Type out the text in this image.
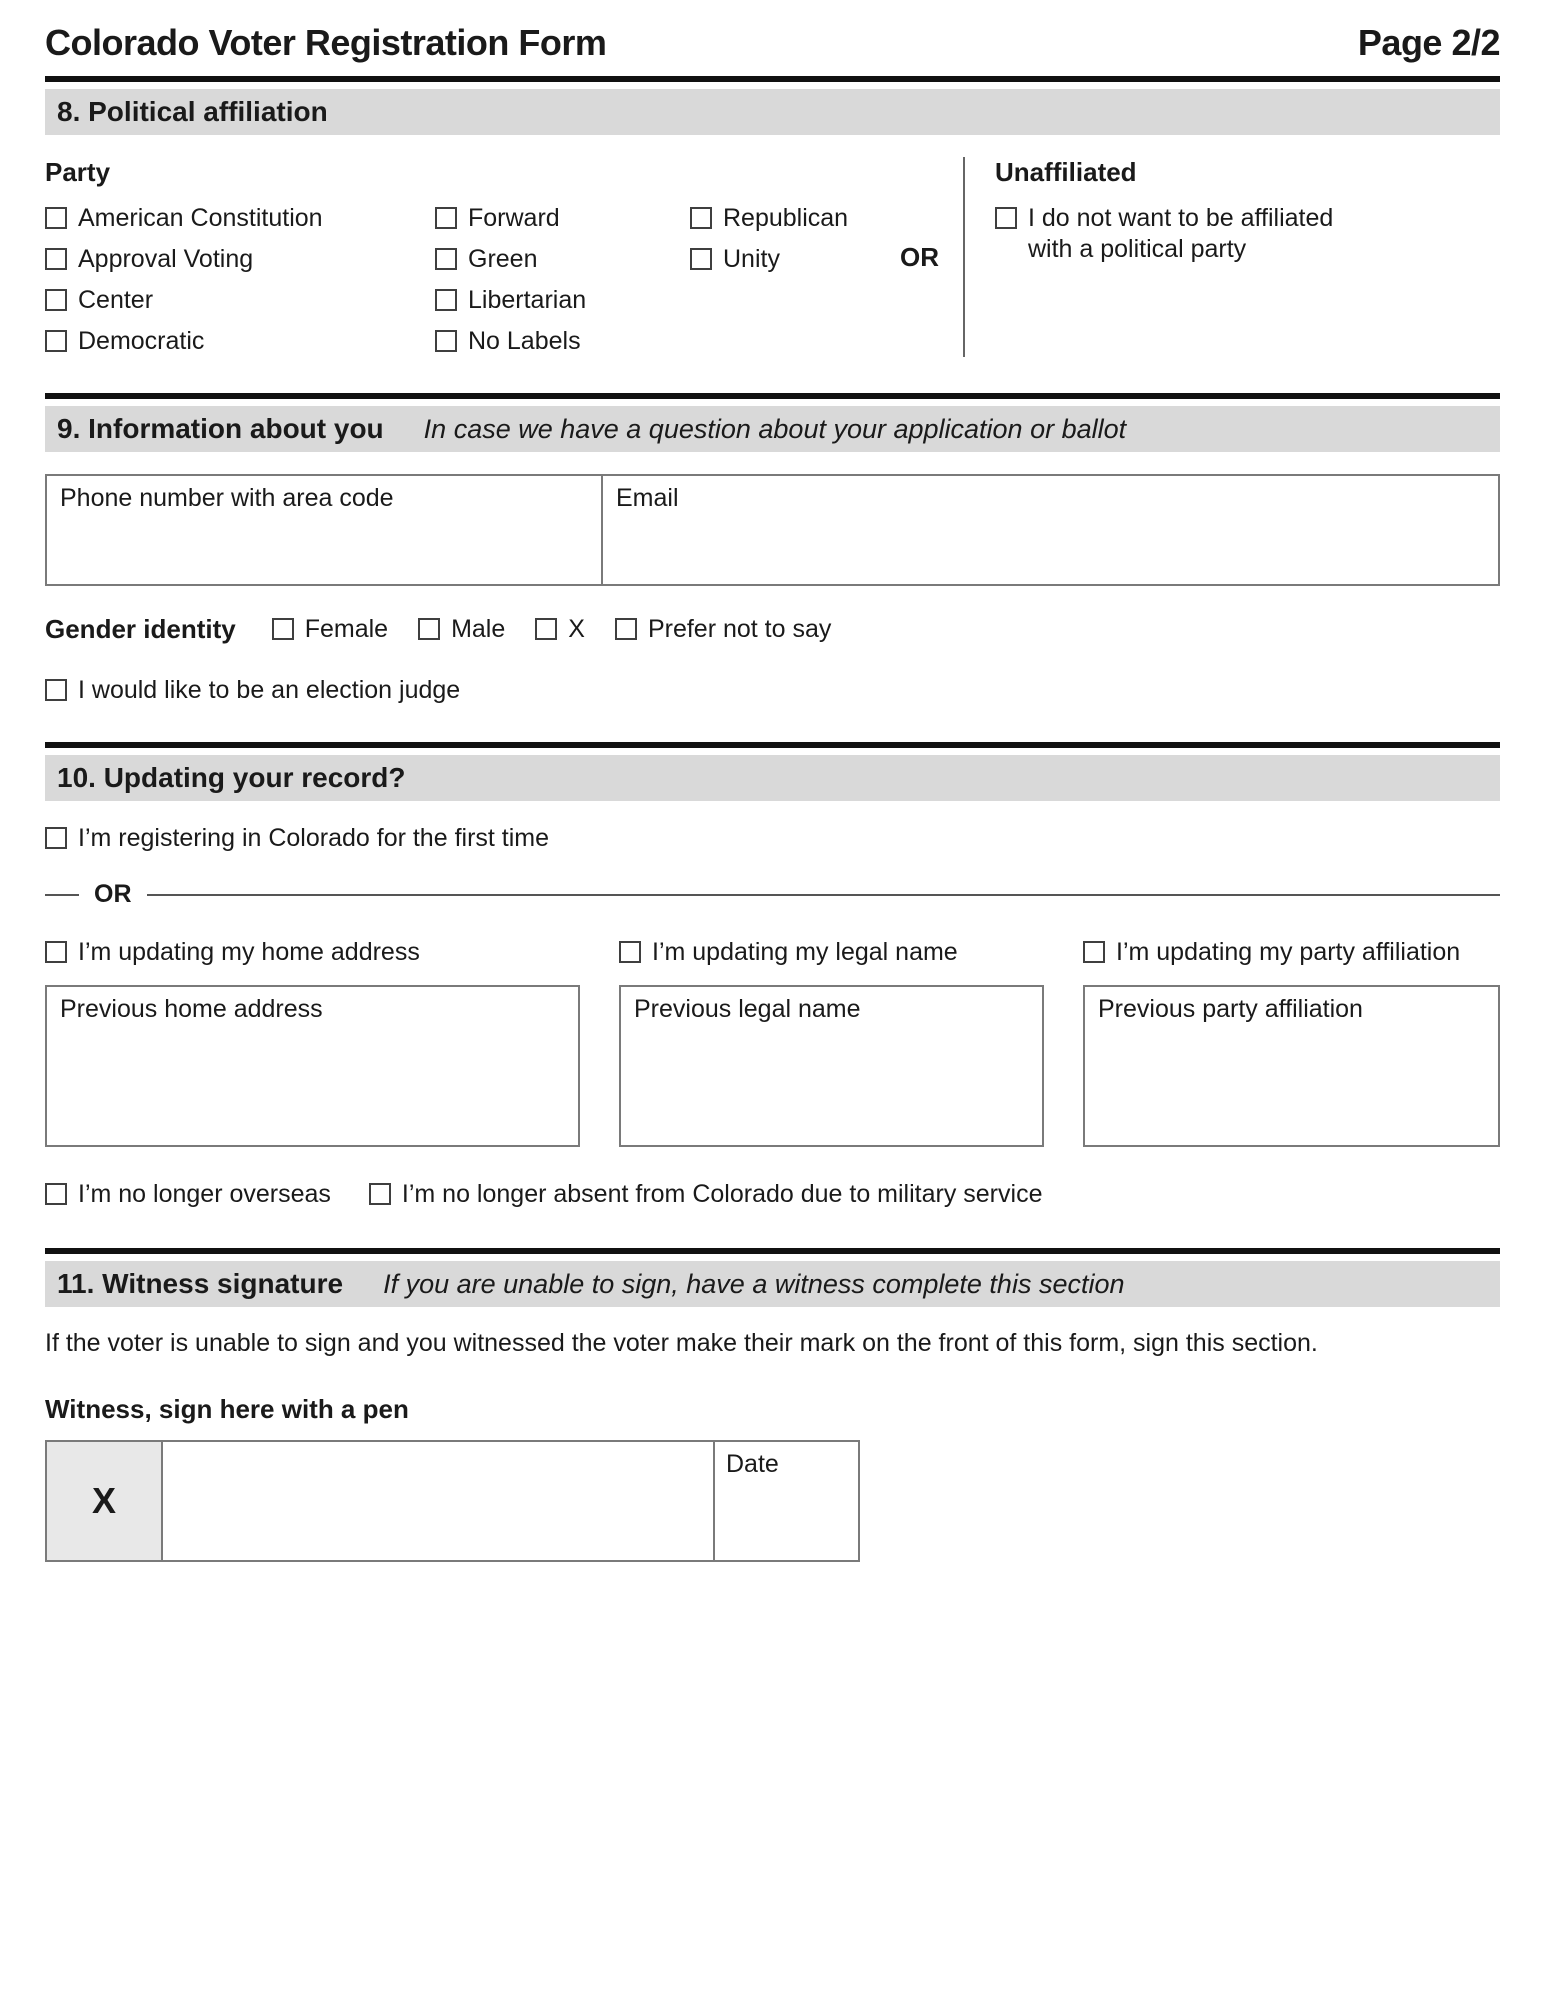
Colorado Voter Registration Form	Page 2/2
8. Political affiliation
Party
American Constitution
Approval Voting
Center
Democratic
Forward
Green
Libertarian
No Labels
Republican
Unity	OR
Unaffiliated
I do not want to be affiliated with a political party
9. Information about you In case we have a question about your application or ballot
Phone number with area code	Email
Gender identity	Female	Male	X	Prefer not to say
I would like to be an election judge
10. Updating your record?
I’m registering in Colorado for the first time
OR
I’m updating my home address
Previous home address
I’m updating my legal name
Previous legal name
I’m updating my party affiliation
Previous party affiliation
I’m no longer overseas	I’m no longer absent from Colorado due to military service
11. Witness signature If you are unable to sign, have a witness complete this section
If the voter is unable to sign and you witnessed the voter make their mark on the front of this form, sign this section.
Witness, sign here with a pen
X
Date
